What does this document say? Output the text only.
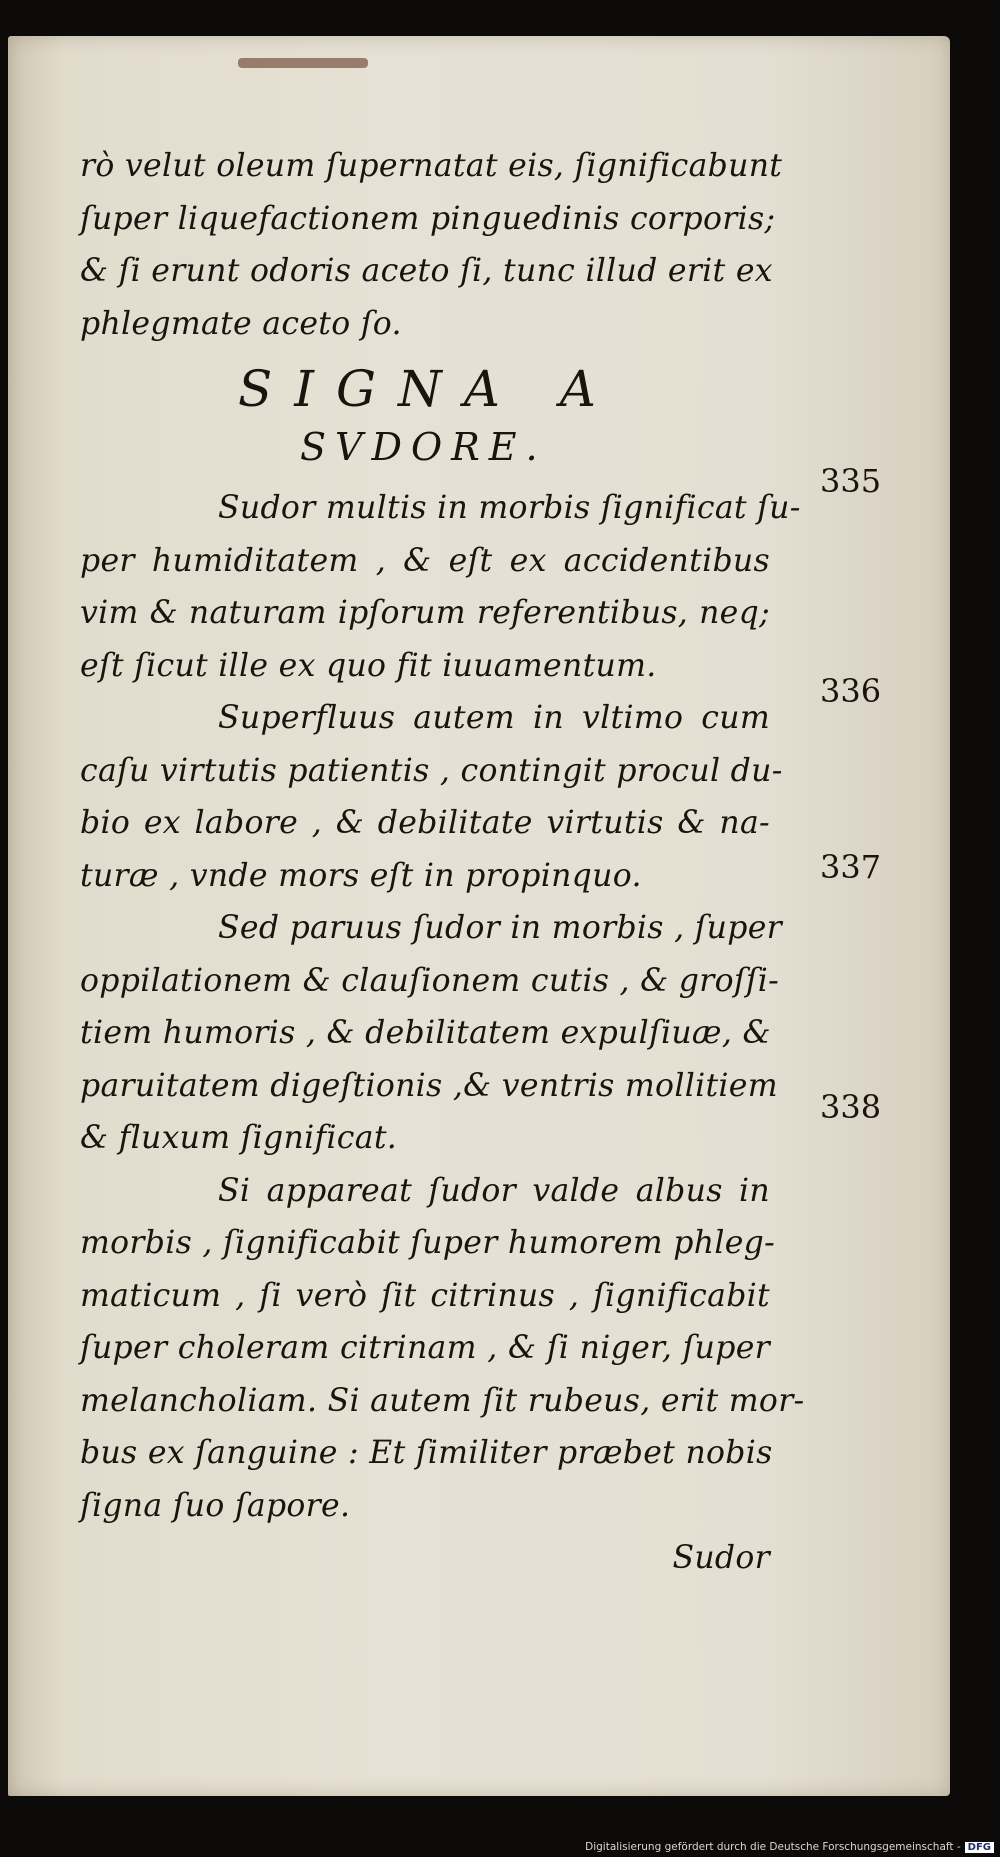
rò velut oleum ſupernatat eis, ſignificabunt
ſuper liquefactionem pinguedinis corporis;
& ſi erunt odoris aceto ſi, tunc illud erit ex
phlegmate aceto ſo.
SIGNA A
SVDORE.
Sudor multis in morbis ſignificat ſu-
per humiditatem , & eſt ex accidentibus
vim & naturam ipſorum referentibus, neq;
eſt ſicut ille ex quo fit iuuamentum.
Superfluus autem in vltimo cum
caſu virtutis patientis , contingit procul du-
bio ex labore , & debilitate virtutis & na-
turæ , vnde mors eſt in propinquo.
Sed paruus ſudor in morbis , ſuper
oppilationem & clauſionem cutis , & groſſi-
tiem humoris , & debilitatem expulſiuæ, &
paruitatem digeſtionis ,& ventris mollitiem
& fluxum ſignificat.
Si appareat ſudor valde albus in
morbis , ſignificabit ſuper humorem phleg-
maticum , ſi verò ſit citrinus , ſignificabit
ſuper choleram citrinam , & ſi niger, ſuper
melancholiam. Si autem ſit rubeus, erit mor-
bus ex ſanguine : Et ſimiliter præbet nobis
ſigna ſuo ſapore.
Sudor
335
336
337
338
Digitalisierung gefördert durch die Deutsche Forschungsgemeinschaft - DFG
